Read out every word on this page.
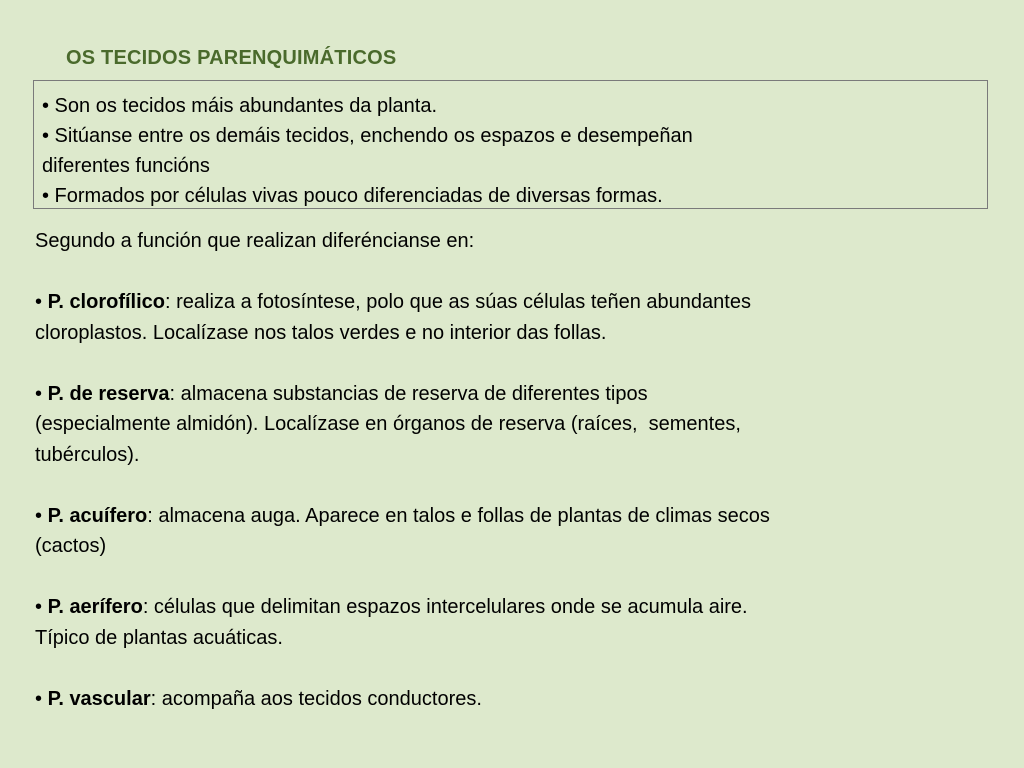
OS TECIDOS PARENQUIMÁTICOS
• Son os tecidos máis abundantes da planta.
• Sitúanse entre os demáis tecidos, enchendo os espazos e desempeñan
diferentes funcións
• Formados por células vivas pouco diferenciadas de diversas formas.

Segundo a función que realizan diferéncianse en:

• P. clorofílico: realiza a fotosíntese, polo que as súas células teñen abundantes
cloroplastos. Localízase nos talos verdes e no interior das follas.
• P. de reserva: almacena substancias de reserva de diferentes tipos
(especialmente almidón). Localízase en órganos de reserva (raíces,  sementes,
tubérculos).
• P. acuífero: almacena auga. Aparece en talos e follas de plantas de climas secos
(cactos)
• P. aerífero: células que delimitan espazos intercelulares onde se acumula aire.
Típico de plantas acuáticas.
• P. vascular: acompaña aos tecidos conductores.
